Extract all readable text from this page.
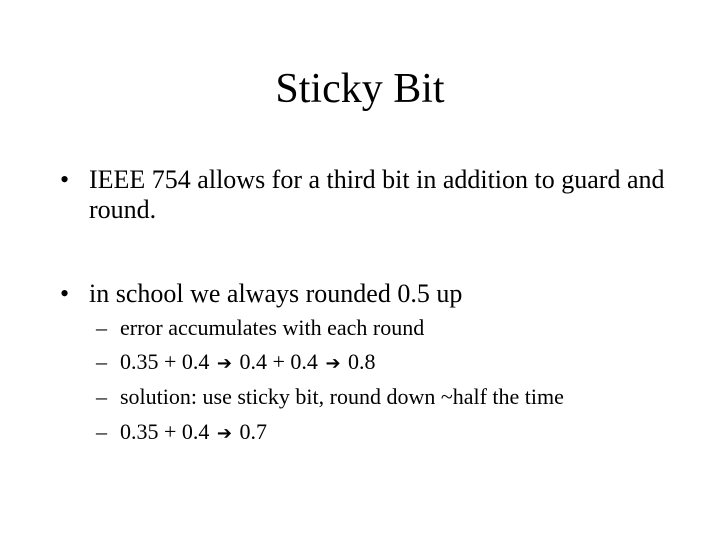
Sticky Bit
• IEEE 754 allows for a third bit in addition to guard and round.
• in school we always rounded 0.5 up
– error accumulates with each round
– 0.35 + 0.4 ➔ 0.4 + 0.4 ➔ 0.8
– solution: use sticky bit, round down ~half the time
– 0.35 + 0.4 ➔ 0.7
